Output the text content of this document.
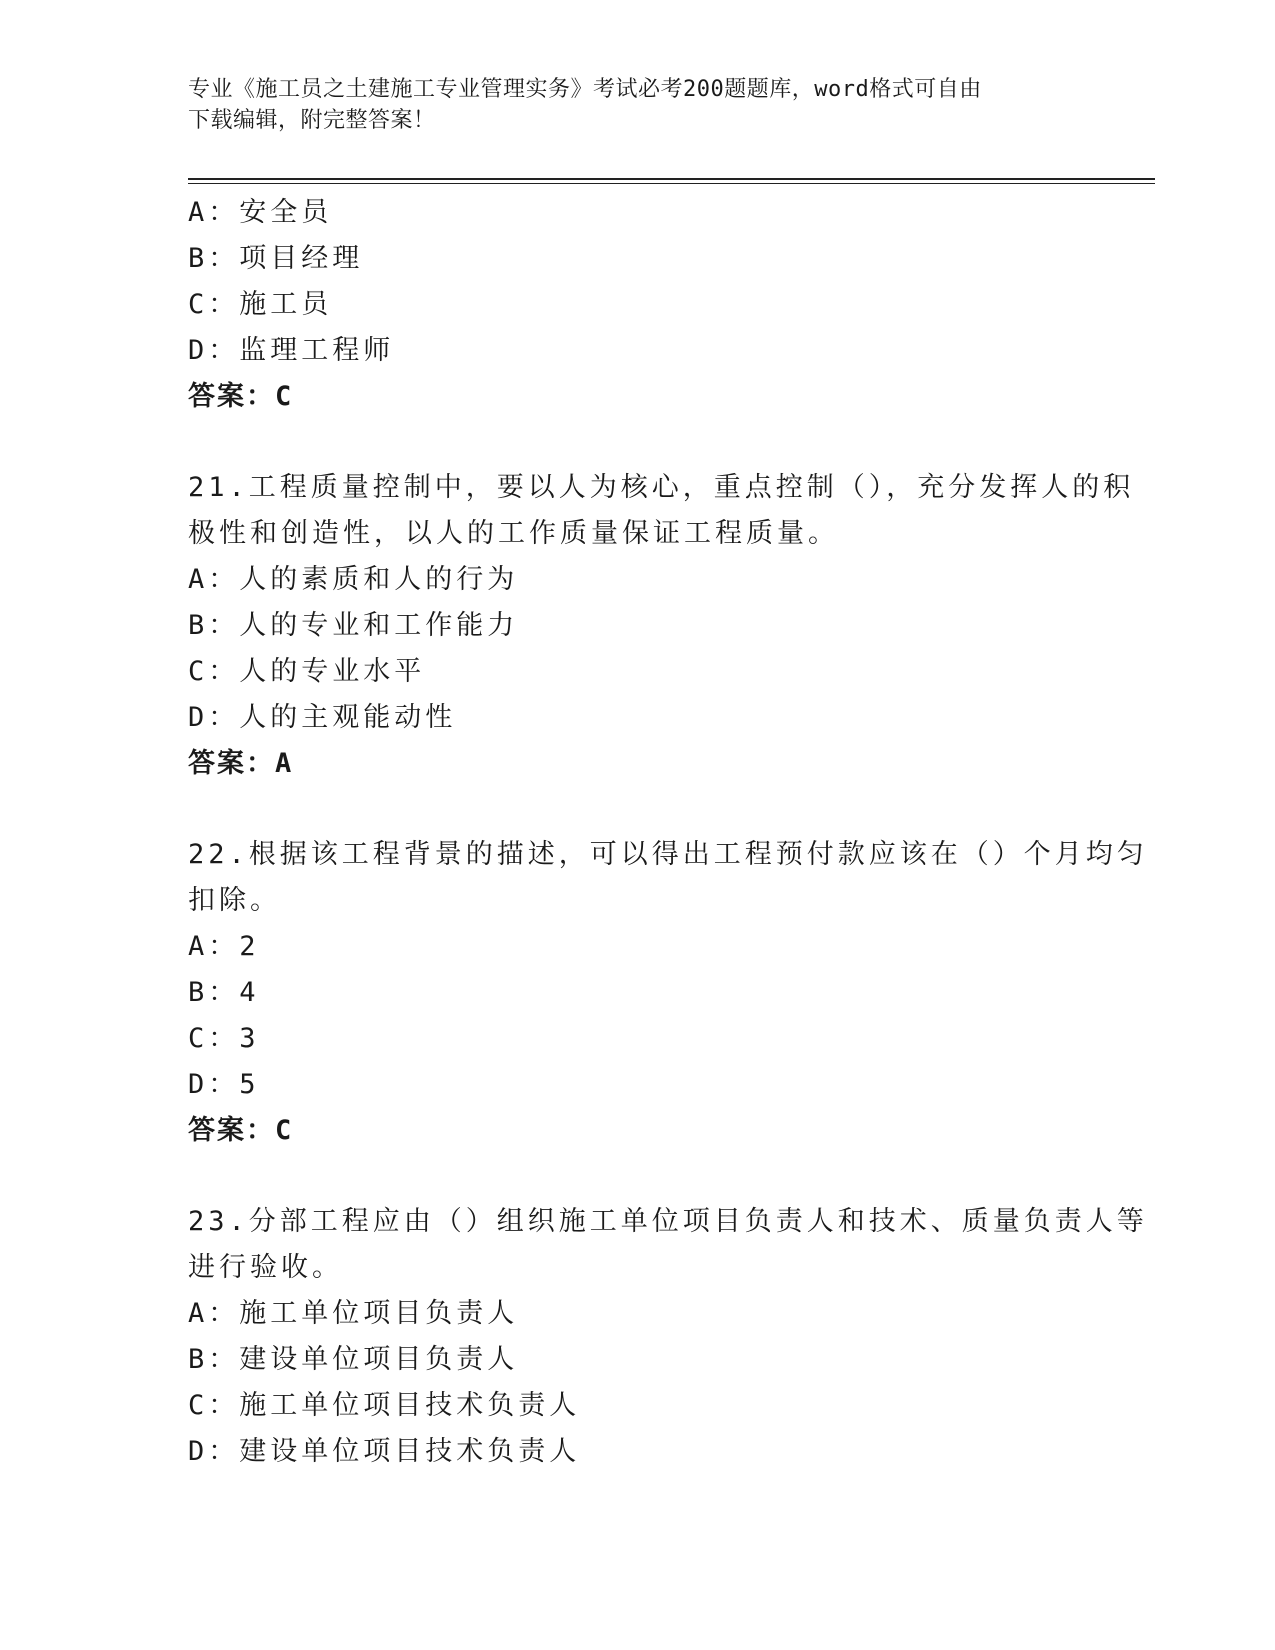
专业《施工员之土建施工专业管理实务》考试必考200题题库，word格式可自由
下载编辑，附完整答案！
A：安全员
B：项目经理
C：施工员
D：监理工程师
答案：C
21.工程质量控制中，要以人为核心，重点控制（），充分发挥人的积
极性和创造性，以人的工作质量保证工程质量。
A：人的素质和人的行为
B：人的专业和工作能力
C：人的专业水平
D：人的主观能动性
答案：A
22.根据该工程背景的描述，可以得出工程预付款应该在（）个月均匀
扣除。
A：2
B：4
C：3
D：5
答案：C
23.分部工程应由（）组织施工单位项目负责人和技术、质量负责人等
进行验收。
A：施工单位项目负责人
B：建设单位项目负责人
C：施工单位项目技术负责人
D：建设单位项目技术负责人
